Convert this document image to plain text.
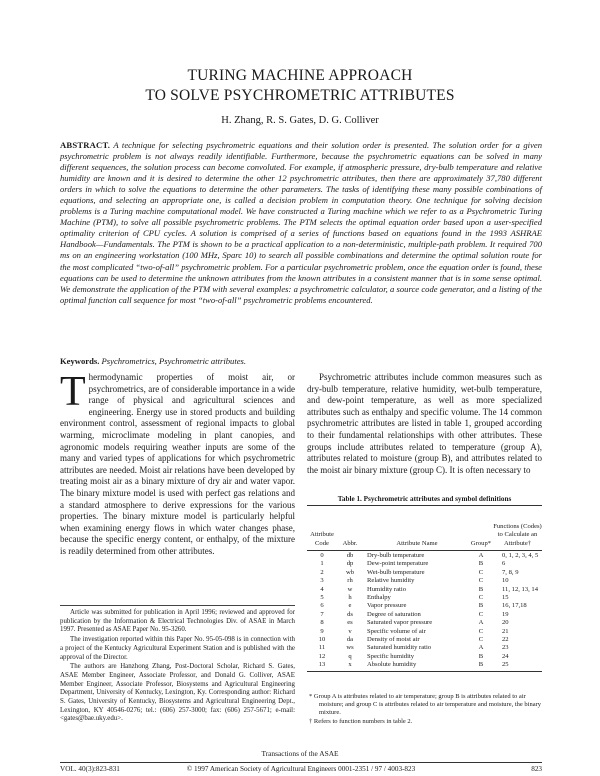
TURING MACHINE APPROACH
TO SOLVE PSYCHROMETRIC ATTRIBUTES
H. Zhang, R. S. Gates, D. G. Colliver
ABSTRACT. A technique for selecting psychrometric equations and their solution order is presented. The solution order for a given psychrometric problem is not always readily identifiable. Furthermore, because the psychrometric equations can be solved in many different sequences, the solution process can become convoluted. For example, if atmospheric pressure, dry-bulb temperature and relative humidity are known and it is desired to determine the other 12 psychrometric attributes, then there are approximately 37,780 different orders in which to solve the equations to determine the other parameters. The tasks of identifying these many possible combinations of equations, and selecting an appropriate one, is called a decision problem in computation theory. One technique for solving decision problems is a Turing machine computational model. We have constructed a Turing machine which we refer to as a Psychrometric Turing Machine (PTM), to solve all possible psychrometric problems. The PTM selects the optimal equation order based upon a user-specified optimality criterion of CPU cycles. A solution is comprised of a series of functions based on equations found in the 1993 ASHRAE Handbook—Fundamentals. The PTM is shown to be a practical application to a non-deterministic, multiple-path problem. It required 700 ms on an engineering workstation (100 MHz, Sparc 10) to search all possible combinations and determine the optimal solution route for the most complicated “two-of-all” psychrometric problem. For a particular psychrometric problem, once the equation order is found, these equations can be used to determine the unknown attributes from the known attributes in a consistent manner that is in some sense optimal. We demonstrate the application of the PTM with several examples: a psychrometric calculator, a source code generator, and a listing of the optimal function call sequence for most “two-of-all” psychrometric problems encountered.
Keywords. Psychrometrics, Psychrometric attributes.
Thermodynamic properties of moist air, or psychrometrics, are of considerable importance in a wide range of physical and agricultural sciences and engineering. Energy use in stored products and building environment control, assessment of regional impacts to global warming, microclimate modeling in plant canopies, and agronomic models requiring weather inputs are some of the many and varied types of applications for which psychrometric attributes are needed. Moist air relations have been developed by treating moist air as a binary mixture of dry air and water vapor. The binary mixture model is used with perfect gas relations and a standard atmosphere to derive expressions for the various properties. The binary mixture model is particularly helpful when examining energy flows in which water changes phase, because the specific energy content, or enthalpy, of the mixture is readily determined from other attributes.

Article was submitted for publication in April 1996; reviewed and approved for publication by the Information & Electrical Technologies Div. of ASAE in March 1997. Presented as ASAE Paper No. 95-3260.

The investigation reported within this Paper No. 95-05-098 is in connection with a project of the Kentucky Agricultural Experiment Station and is published with the approval of the Director.

The authors are Hanzhong Zhang, Post-Doctoral Scholar, Richard S. Gates, ASAE Member Engineer, Associate Professor, and Donald G. Colliver, ASAE Member Engineer, Associate Professor, Biosystems and Agricultural Engineering Department, University of Kentucky, Lexington, Ky. Corresponding author: Richard S. Gates, University of Kentucky, Biosystems and Agricultural Engineering Dept., Lexington, KY 40546-0276; tel.: (606) 257-3000; fax: (606) 257-5671; e-mail: <gates@bae.uky.edu>.

Psychrometric attributes include common measures such as dry-bulb temperature, relative humidity, wet-bulb temperature, and dew-point temperature, as well as more specialized attributes such as enthalpy and specific volume. The 14 common psychrometric attributes are listed in table 1, grouped according to their fundamental relationships with other attributes. These groups include attributes related to temperature (group A), attributes related to moisture (group B), and attributes related to the moist air binary mixture (group C). It is often necessary to

Table 1. Psychrometric attributes and symbol definitions
Attribute Code	Abbr.	Attribute Name	Group*
Functions (Codes) to Calculate an Attribute†
0	db	Dry-bulb temperature	A	0, 1, 2, 3, 4, 5
1	dp	Dew-point temperature	B	6
2	wb	Wet-bulb temperature	C	7, 8, 9
3	rh	Relative humidity	C	10
4	w	Humidity ratio	B	11, 12, 13, 14
5	h	Enthalpy	C	15
6	e	Vapor pressure	B	16, 17,18
7	ds	Degree of saturation	C	19
8	es	Saturated vapor pressure	A	20
9	v	Specific volume of air	C	21
10	da	Density of moist air	C	22
11	ws	Saturated humidity ratio	A	23
12	q	Specific humidity	B	24
13	x	Absolute humidity	B	25
* Group A is attributes related to air temperature; group B is attributes related to air moisture; and group C is attributes related to air temperature and moisture, the binary mixture.
† Refers to function numbers in table 2.
Transactions of the ASAE
VOL. 40(3):823-831	© 1997 American Society of Agricultural Engineers 0001-2351 / 97 / 4003-823	823
